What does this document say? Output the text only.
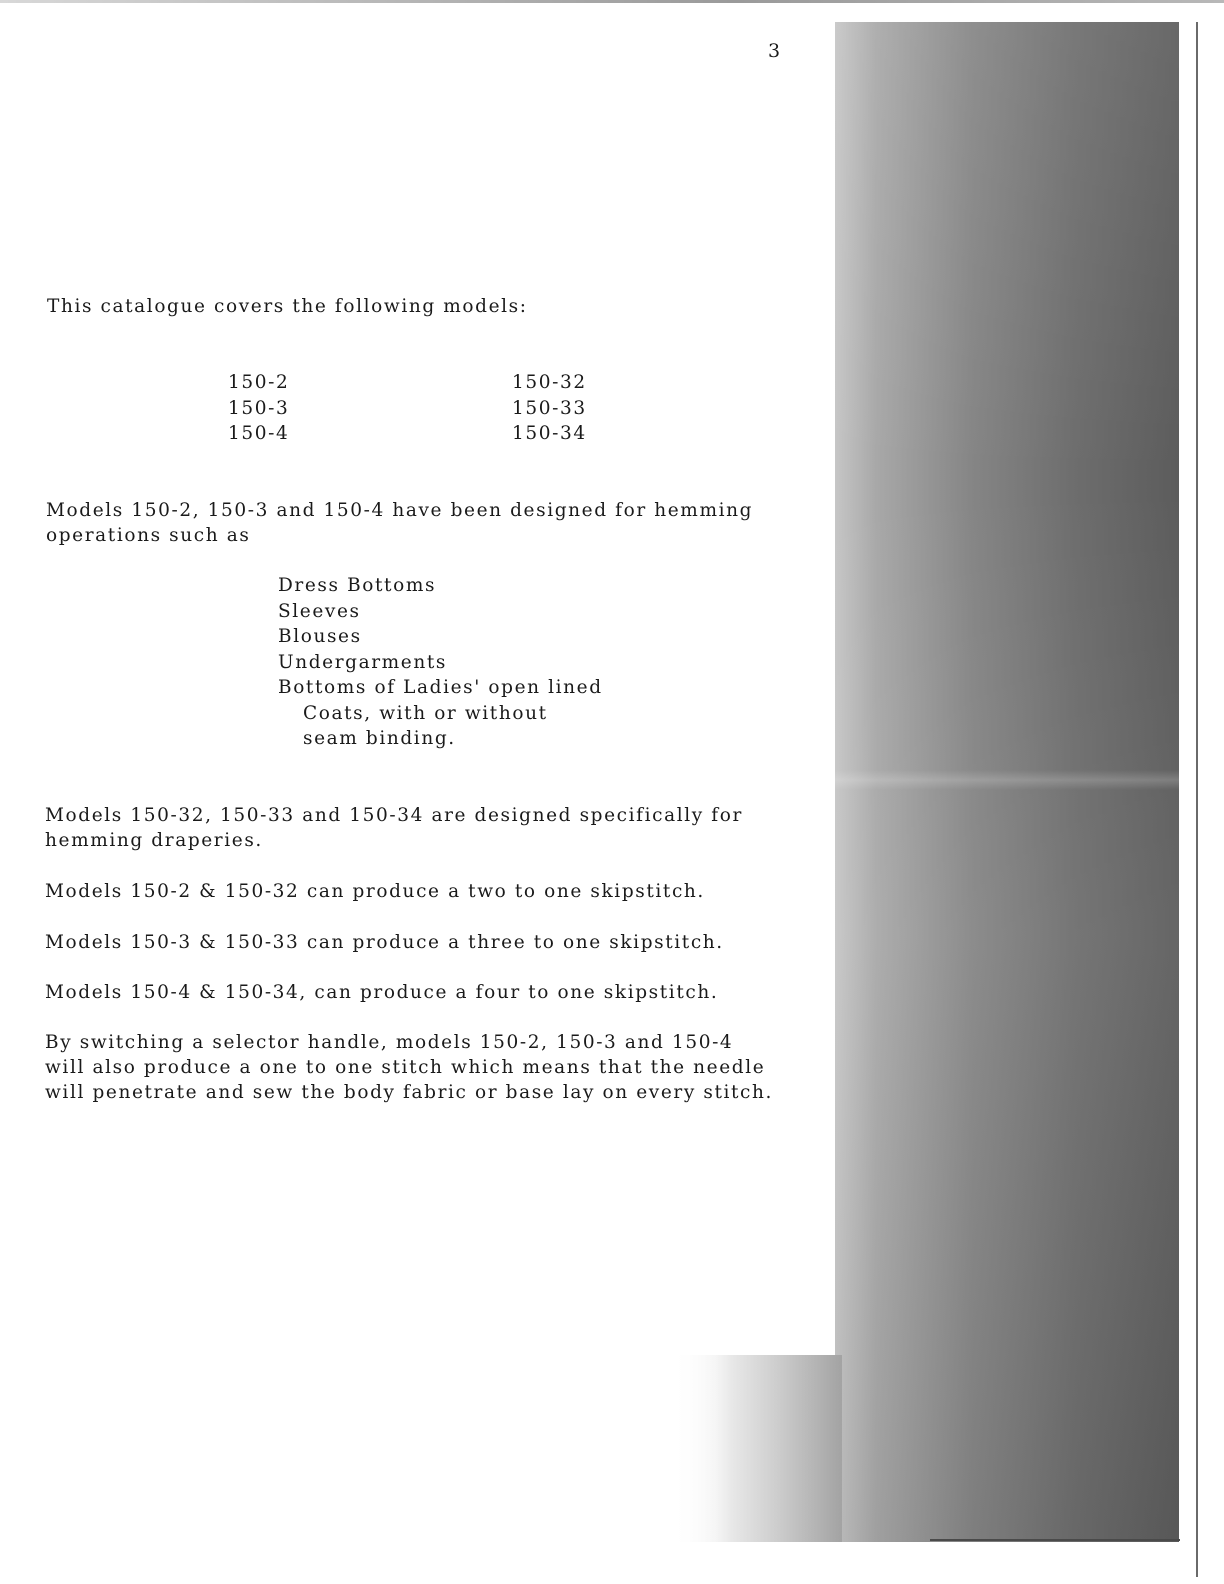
3
This catalogue covers the following models:
150-2
150-3
150-4
150-32
150-33
150-34
Models 150-2, 150-3 and 150-4 have been designed for hemming
operations such as
Dress Bottoms
Sleeves
Blouses
Undergarments
Bottoms of Ladies' open lined
Coats, with or without
seam binding.
Models 150-32, 150-33 and 150-34 are designed specifically for
hemming draperies.
Models 150-2 & 150-32 can produce a two to one skipstitch.
Models 150-3 & 150-33 can produce a three to one skipstitch.
Models 150-4 & 150-34, can produce a four to one skipstitch.
By switching a selector handle, models 150-2, 150-3 and 150-4
will also produce a one to one stitch which means that the needle
will penetrate and sew the body fabric or base lay on every stitch.
